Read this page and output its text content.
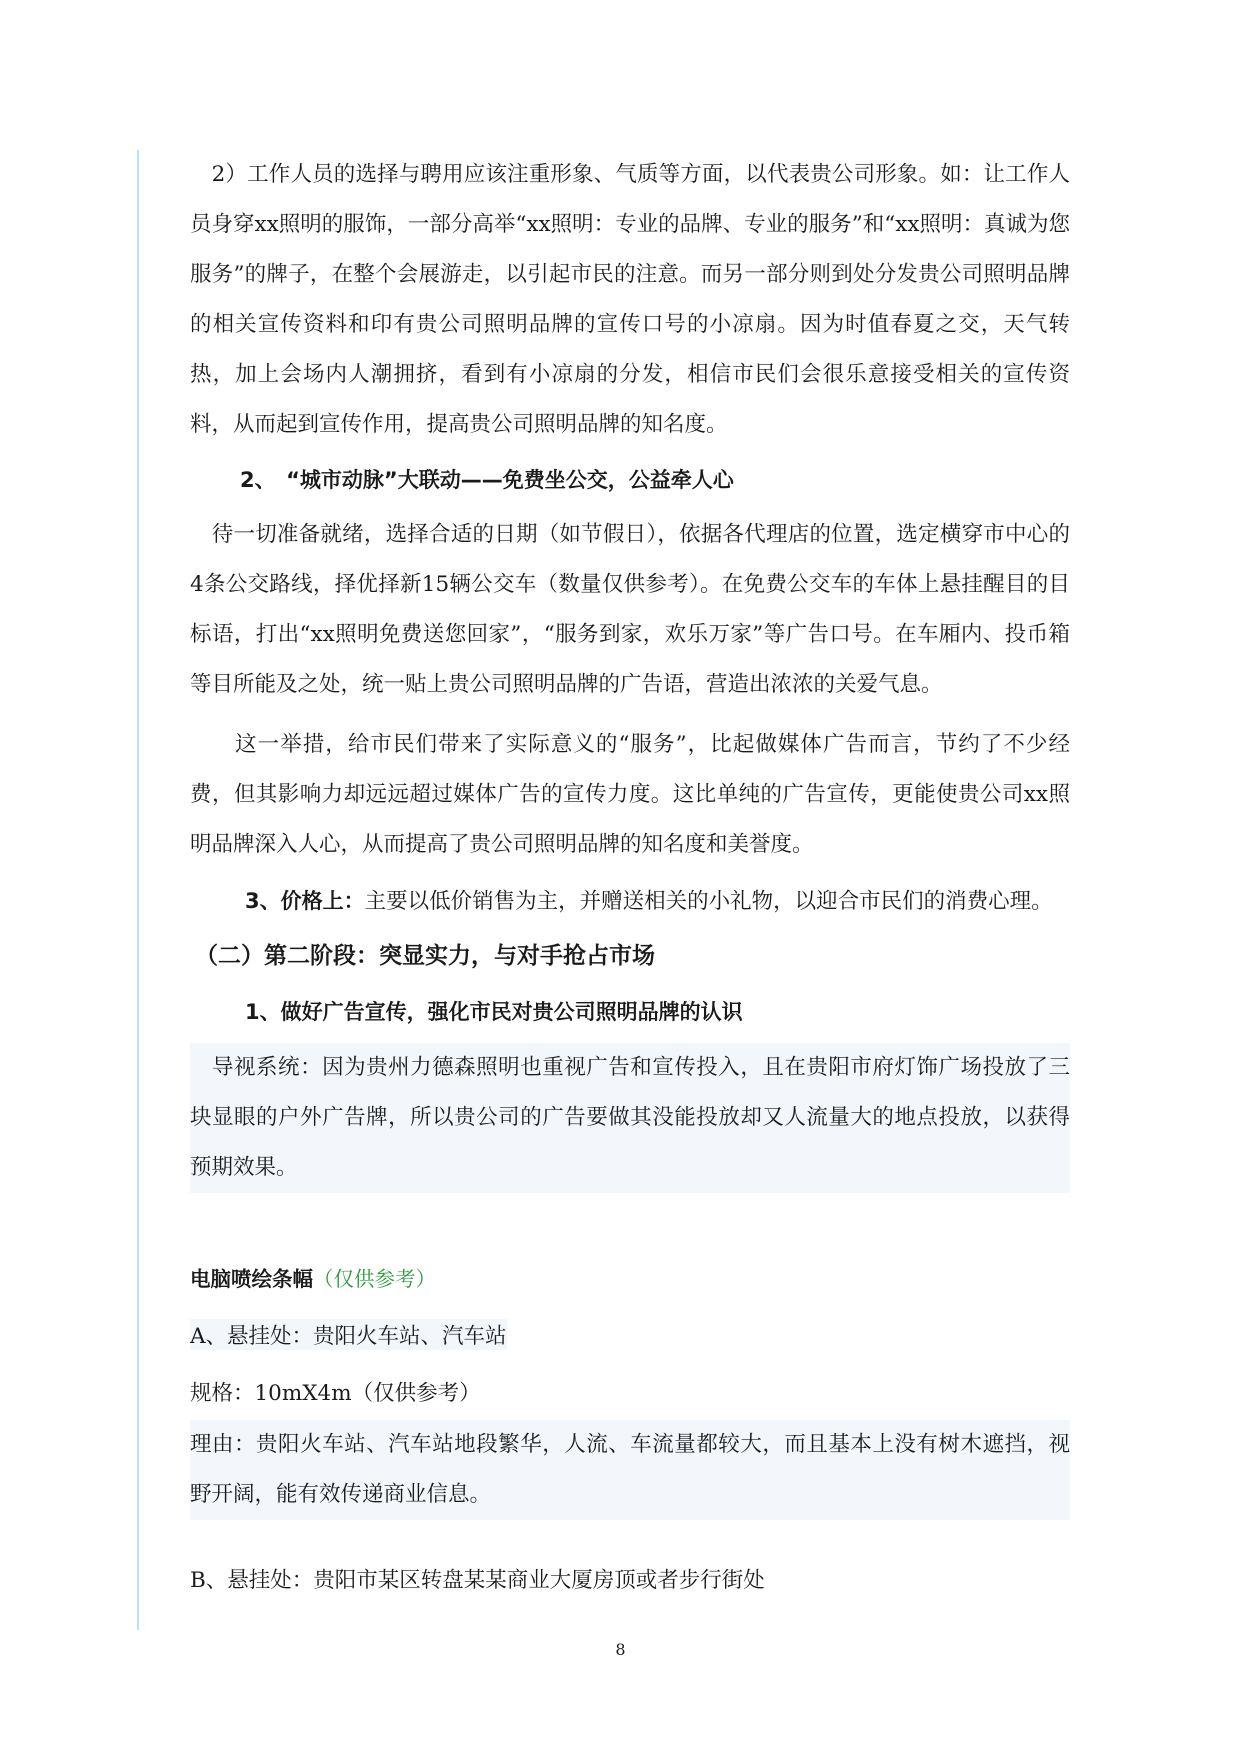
　2）工作人员的选择与聘用应该注重形象、气质等方面，以代表贵公司形象。如：让工作人员身穿xx照明的服饰，一部分高举“xx照明：专业的品牌、专业的服务”和“xx照明：真诚为您服务”的牌子，在整个会展游走，以引起市民的注意。而另一部分则到处分发贵公司照明品牌的相关宣传资料和印有贵公司照明品牌的宣传口号的小凉扇。因为时值春夏之交，天气转热，加上会场内人潮拥挤，看到有小凉扇的分发，相信市民们会很乐意接受相关的宣传资料，从而起到宣传作用，提高贵公司照明品牌的知名度。
2、　“城市动脉”大联动——免费坐公交，公益牵人心
　待一切准备就绪，选择合适的日期（如节假日），依据各代理店的位置，选定横穿市中心的4条公交路线，择优择新15辆公交车（数量仅供参考）。在免费公交车的车体上悬挂醒目的目标语，打出“xx照明免费送您回家”，“服务到家，欢乐万家”等广告口号。在车厢内、投币箱等目所能及之处，统一贴上贵公司照明品牌的广告语，营造出浓浓的关爱气息。
　　这一举措，给市民们带来了实际意义的“服务”，比起做媒体广告而言，节约了不少经费，但其影响力却远远超过媒体广告的宣传力度。这比单纯的广告宣传，更能使贵公司xx照明品牌深入人心，从而提高了贵公司照明品牌的知名度和美誉度。
3、价格上：主要以低价销售为主，并赠送相关的小礼物，以迎合市民们的消费心理。
（二）第二阶段：突显实力，与对手抢占市场
1、做好广告宣传，强化市民对贵公司照明品牌的认识
　导视系统：因为贵州力德森照明也重视广告和宣传投入，且在贵阳市府灯饰广场投放了三块显眼的户外广告牌，所以贵公司的广告要做其没能投放却又人流量大的地点投放，以获得预期效果。
电脑喷绘条幅（仅供参考）
A、悬挂处：贵阳火车站、汽车站
规格：10mX4m（仅供参考）
理由：贵阳火车站、汽车站地段繁华，人流、车流量都较大，而且基本上没有树木遮挡，视野开阔，能有效传递商业信息。
B、悬挂处：贵阳市某区转盘某某商业大厦房顶或者步行街处
8
